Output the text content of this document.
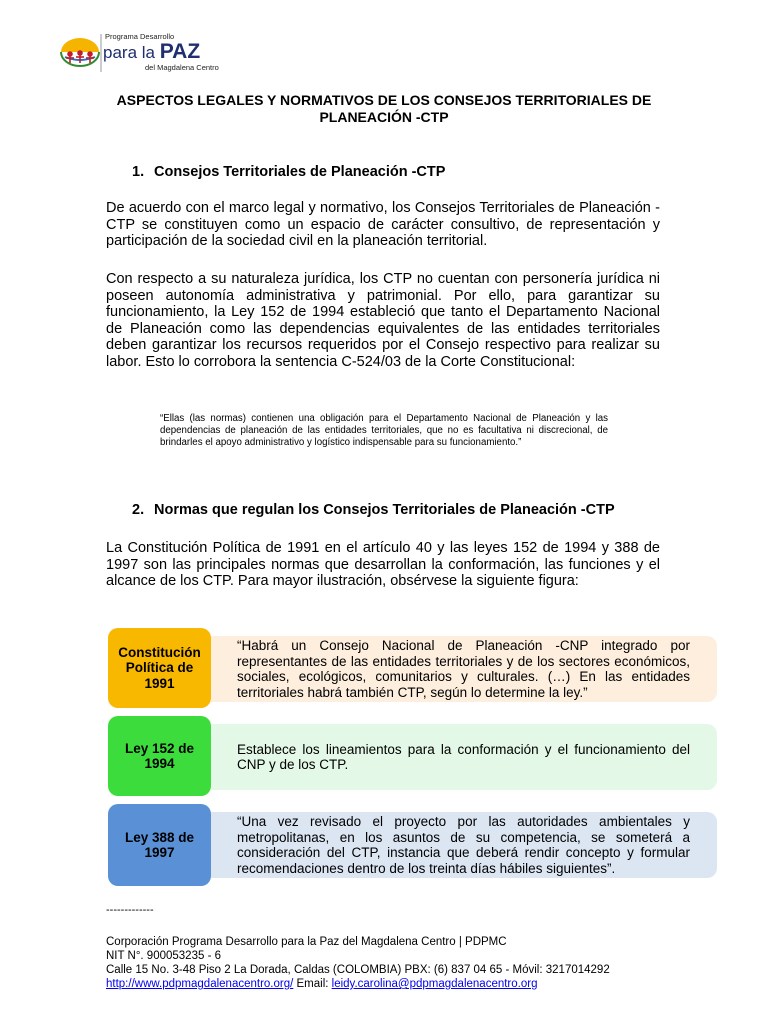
Programa Desarrollo
para la PAZ
del Magdalena Centro
ASPECTOS LEGALES Y NORMATIVOS DE LOS CONSEJOS TERRITORIALES DE PLANEACIÓN -CTP
1. Consejos Territoriales de Planeación -CTP
De acuerdo con el marco legal y normativo, los Consejos Territoriales de Planeación -CTP se constituyen como un espacio de carácter consultivo, de representación y participación de la sociedad civil en la planeación territorial.
Con respecto a su naturaleza jurídica, los CTP no cuentan con personería jurídica ni poseen autonomía administrativa y patrimonial. Por ello, para garantizar su funcionamiento, la Ley 152 de 1994 estableció que tanto el Departamento Nacional de Planeación como las dependencias equivalentes de las entidades territoriales deben garantizar los recursos requeridos por el Consejo respectivo para realizar su labor. Esto lo corrobora la sentencia C-524/03 de la Corte Constitucional:
“Ellas (las normas) contienen una obligación para el Departamento Nacional de Planeación y las dependencias de planeación de las entidades territoriales, que no es facultativa ni discrecional, de brindarles el apoyo administrativo y logístico indispensable para su funcionamiento.”
2. Normas que regulan los Consejos Territoriales de Planeación -CTP
La Constitución Política de 1991 en el artículo 40 y las leyes 152 de 1994 y 388 de 1997 son las principales normas que desarrollan la conformación, las funciones y el alcance de los CTP. Para mayor ilustración, obsérvese la siguiente figura:

“Habrá un Consejo Nacional de Planeación -CNP integrado por representantes de las entidades territoriales y de los sectores económicos, sociales, ecológicos, comunitarios y culturales. (…) En las entidades territoriales habrá también CTP, según lo determine la ley.”

Constitución Política de 1991

Establece los lineamientos para la conformación y el funcionamiento del CNP y de los CTP.

Ley 152 de 1994

“Una vez revisado el proyecto por las autoridades ambientales y metropolitanas, en los asuntos de su competencia, se someterá a consideración del CTP, instancia que deberá rendir concepto y formular recomendaciones dentro de los treinta días hábiles siguientes”.

Ley 388 de 1997
-------------
Corporación Programa Desarrollo para la Paz del Magdalena Centro | PDPMC
NIT N°. 900053235 - 6
Calle 15 No. 3-48 Piso 2 La Dorada, Caldas (COLOMBIA) PBX: (6) 837 04 65 - Móvil: 3217014292
http://www.pdpmagdalenacentro.org/ Email: leidy.carolina@pdpmagdalenacentro.org
